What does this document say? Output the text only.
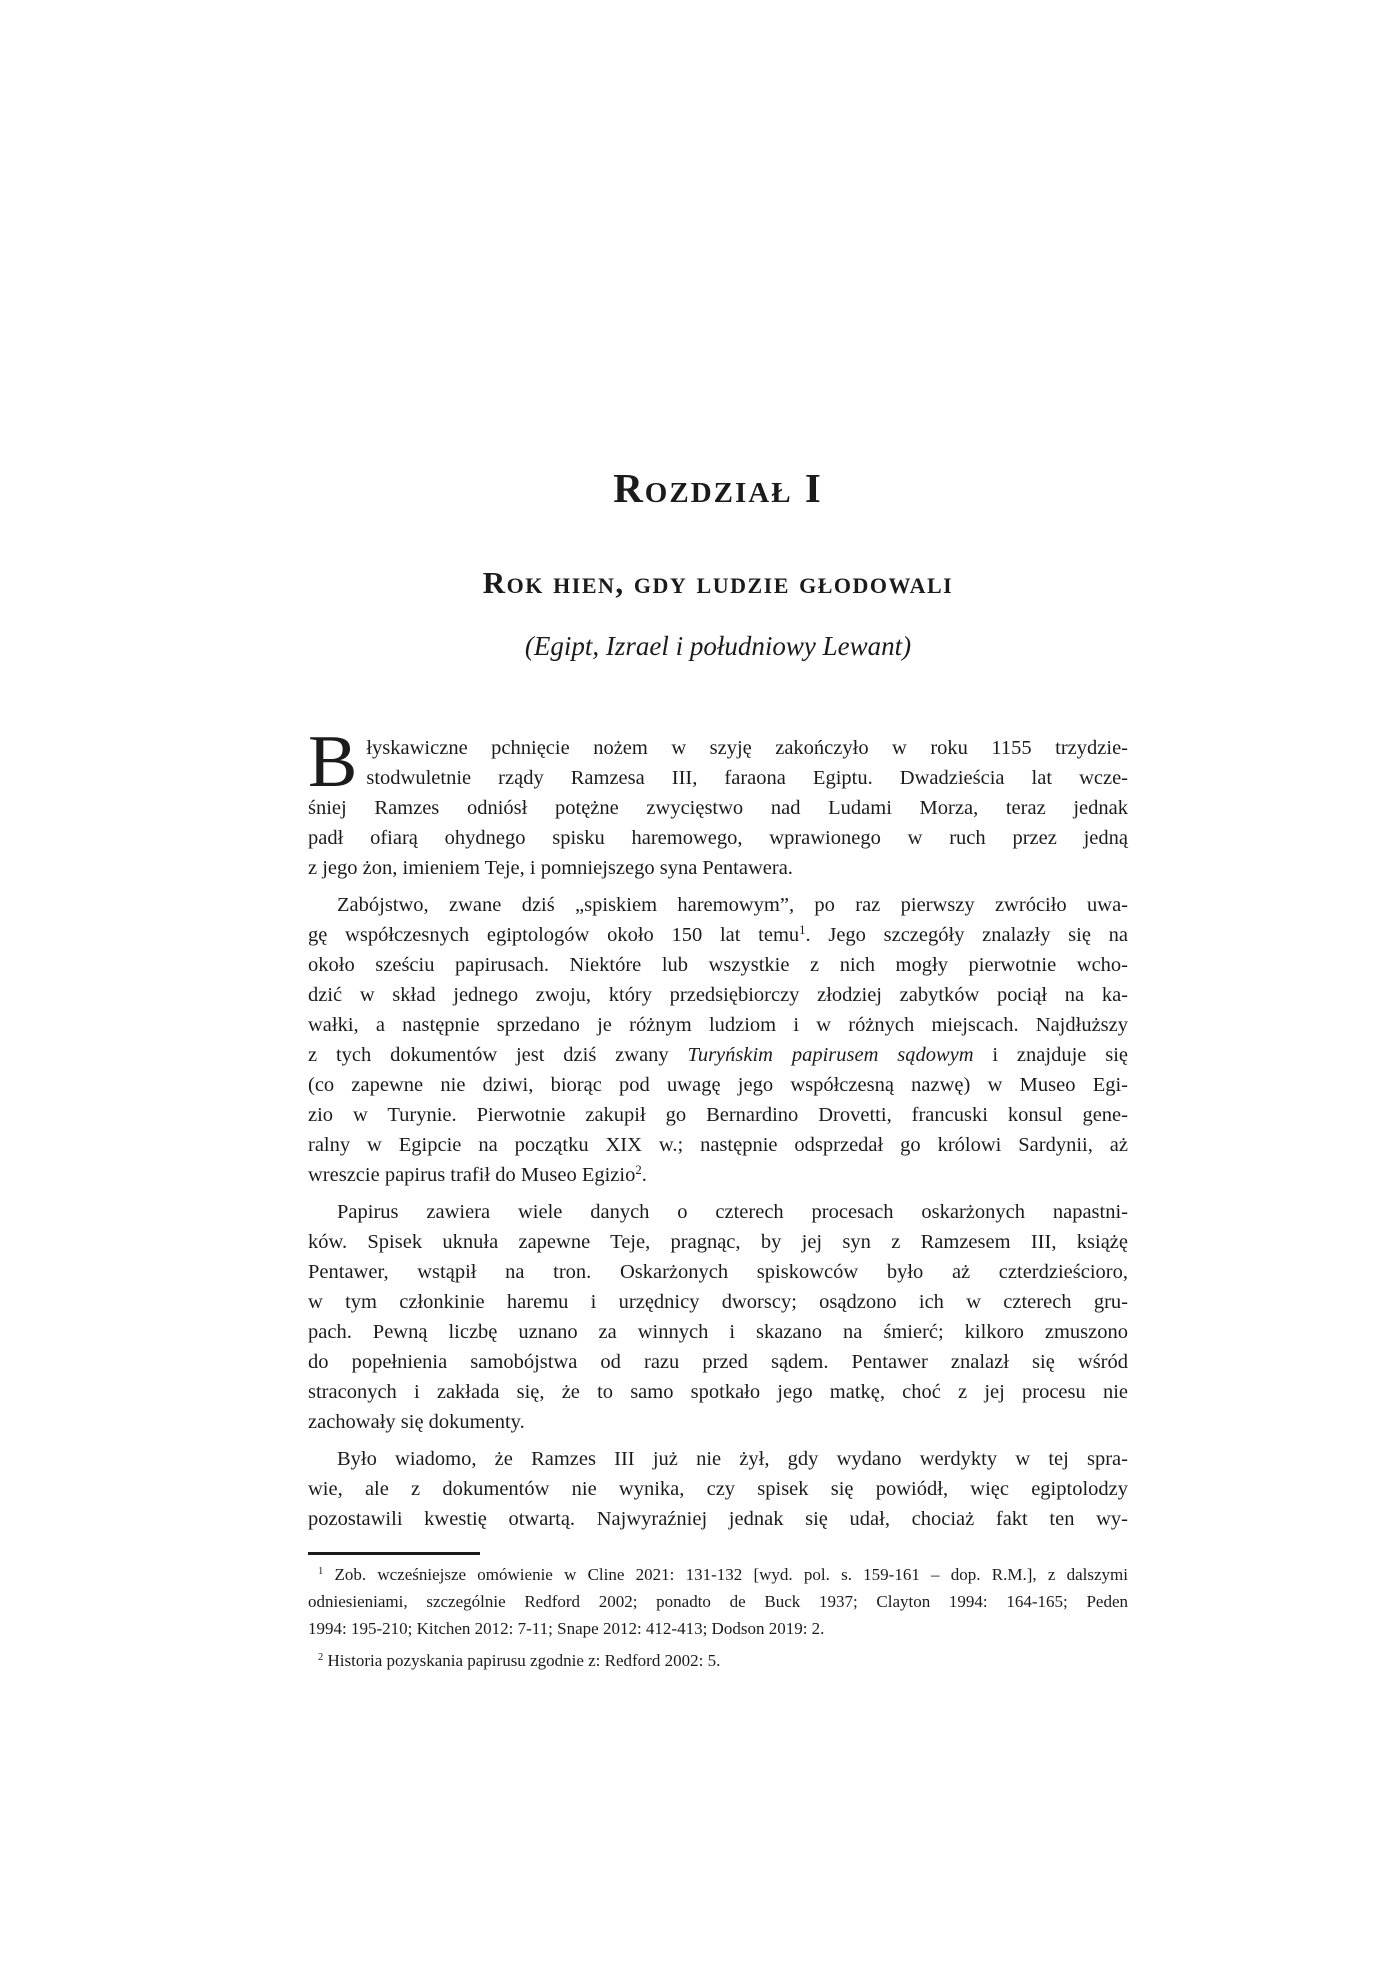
Rozdział I
Rok hien, gdy ludzie głodowali
(Egipt, Izrael i południowy Lewant)
B łyskawiczne pchnięcie nożem w szyję zakończyło w roku 1155 trzydzie-
stodwuletnie rządy Ramzesa III, faraona Egiptu. Dwadzieścia lat wcze-
śniej Ramzes odniósł potężne zwycięstwo nad Ludami Morza, teraz jednak
padł ofiarą ohydnego spisku haremowego, wprawionego w ruch przez jedną
z jego żon, imieniem Teje, i pomniejszego syna Pentawera.
Zabójstwo, zwane dziś „spiskiem haremowym”, po raz pierwszy zwróciło uwa-
gę współczesnych egiptologów około 150 lat temu$^1$. Jego szczegóły znalazły się na
około sześciu papirusach. Niektóre lub wszystkie z nich mogły pierwotnie wcho-
dzić w skład jednego zwoju, który przedsiębiorczy złodziej zabytków pociął na ka-
wałki, a następnie sprzedano je różnym ludziom i w różnych miejscach. Najdłuższy
z tych dokumentów jest dziś zwany Turyńskim papirusem sądowym i znajduje się
(co zapewne nie dziwi, biorąc pod uwagę jego współczesną nazwę) w Museo Egi-
zio w Turynie. Pierwotnie zakupił go Bernardino Drovetti, francuski konsul gene-
ralny w Egipcie na początku XIX w.; następnie odsprzedał go królowi Sardynii, aż
wreszcie papirus trafił do Museo Egizio$^2$.
Papirus zawiera wiele danych o czterech procesach oskarżonych napastni-
ków. Spisek uknuła zapewne Teje, pragnąc, by jej syn z Ramzesem III, książę
Pentawer, wstąpił na tron. Oskarżonych spiskowców było aż czterdzieścioro,
w tym członkinie haremu i urzędnicy dworscy; osądzono ich w czterech gru-
pach. Pewną liczbę uznano za winnych i skazano na śmierć; kilkoro zmuszono
do popełnienia samobójstwa od razu przed sądem. Pentawer znalazł się wśród
straconych i zakłada się, że to samo spotkało jego matkę, choć z jej procesu nie
zachowały się dokumenty.
Było wiadomo, że Ramzes III już nie żył, gdy wydano werdykty w tej spra-
wie, ale z dokumentów nie wynika, czy spisek się powiódł, więc egiptolodzy
pozostawili kwestię otwartą. Najwyraźniej jednak się udał, chociaż fakt ten wy-
$^1$ Zob. wcześniejsze omówienie w Cline 2021: 131-132 [wyd. pol. s. 159-161 – dop. R.M.], z dalszymi
odniesieniami, szczególnie Redford 2002; ponadto de Buck 1937; Clayton 1994: 164-165; Peden
1994: 195-210; Kitchen 2012: 7-11; Snape 2012: 412-413; Dodson 2019: 2.
$^2$ Historia pozyskania papirusu zgodnie z: Redford 2002: 5.
